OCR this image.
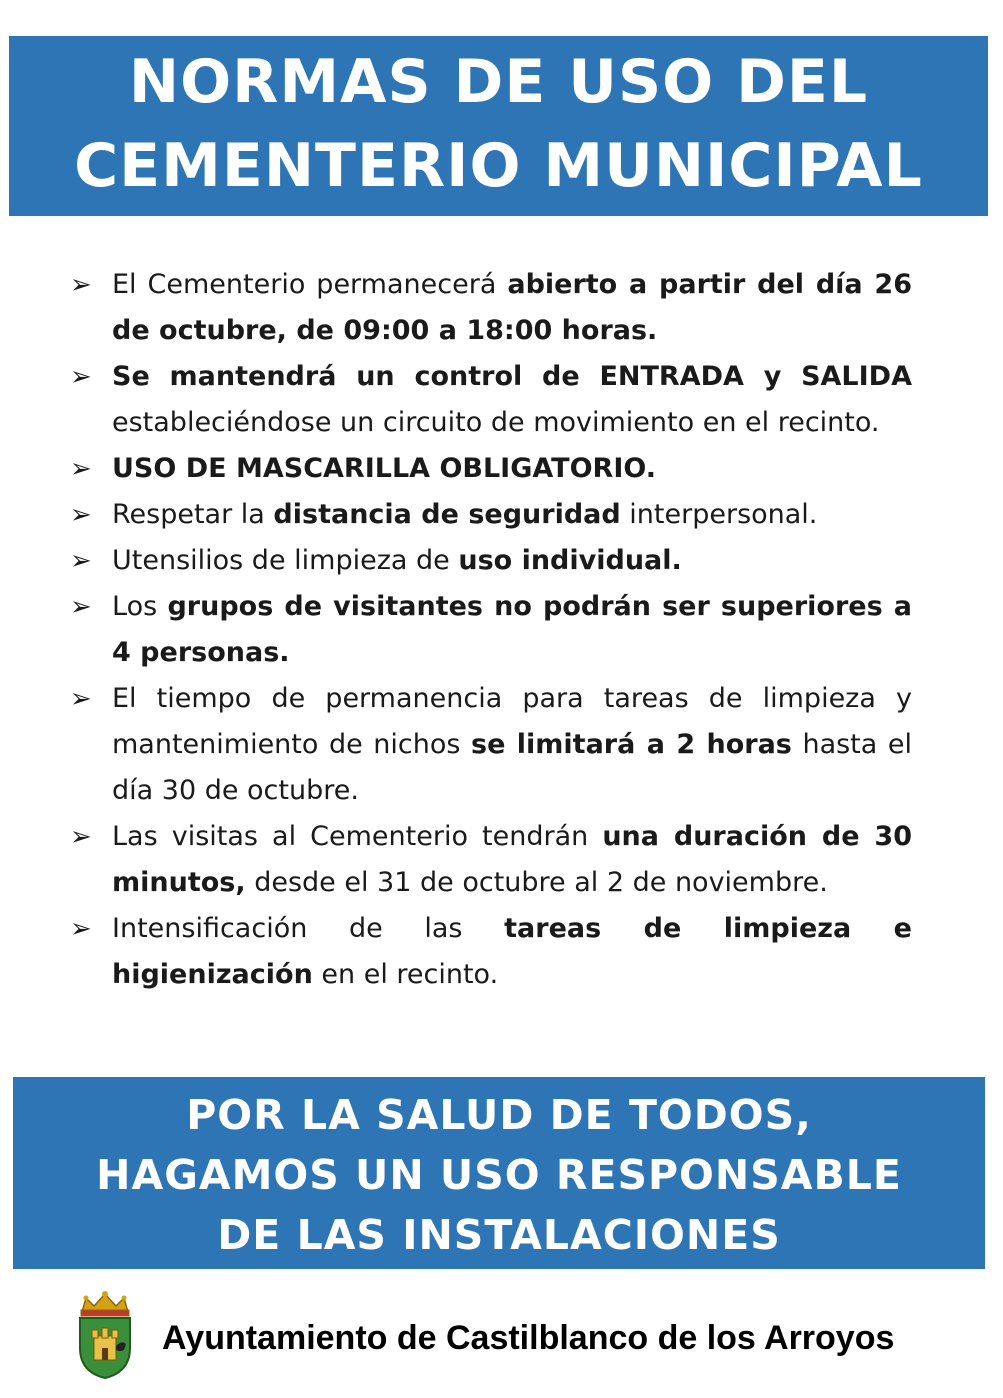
NORMAS DE USO DEL
CEMENTERIO MUNICIPAL
➢ El Cementerio permanecerá abierto a partir del día 26 de octubre, de 09:00 a 18:00 horas.
➢ Se mantendrá un control de ENTRADA y SALIDA estableciéndose un circuito de movimiento en el recinto.
➢ USO DE MASCARILLA OBLIGATORIO.
➢ Respetar la distancia de seguridad interpersonal.
➢ Utensilios de limpieza de uso individual.
➢ Los grupos de visitantes no podrán ser superiores a 4 personas.
➢ El tiempo de permanencia para tareas de limpieza y mantenimiento de nichos se limitará a 2 horas hasta el día 30 de octubre.
➢ Las visitas al Cementerio tendrán una duración de 30 minutos, desde el 31 de octubre al 2 de noviembre.
➢ Intensificación de las tareas de limpieza e higienización en el recinto.
POR LA SALUD DE TODOS,
HAGAMOS UN USO RESPONSABLE
DE LAS INSTALACIONES
Ayuntamiento de Castilblanco de los Arroyos
